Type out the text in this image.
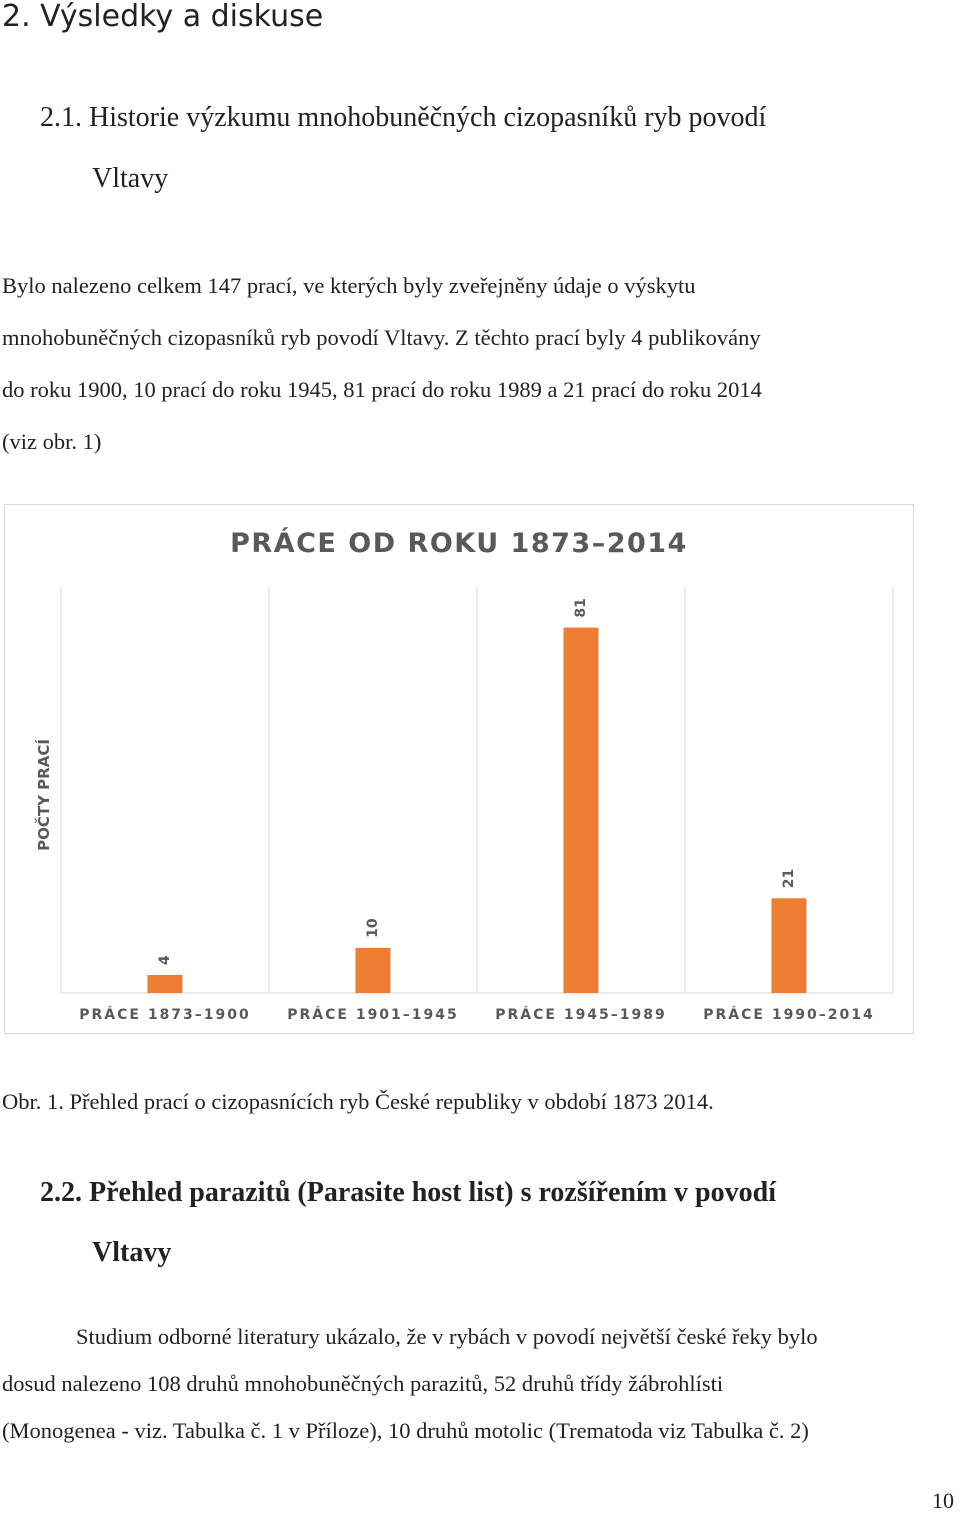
2. Výsledky a diskuse
2.1. Historie výzkumu mnohobuněčných cizopasníků ryb povodí
Vltavy
Bylo nalezeno celkem 147 prací, ve kterých byly zveřejněny údaje o výskytu
mnohobuněčných cizopasníků ryb povodí Vltavy. Z těchto prací byly 4 publikovány
do roku 1900, 10 prací do roku 1945, 81 prací do roku 1989 a 21 prací do roku 2014
(viz obr. 1)
PRÁCE OD ROKU 1873–2014
POČTY PRACÍ
4
10
81
21
PRÁCE 1873–1900	PRÁCE 1901–1945	PRÁCE 1945–1989	PRÁCE 1990–2014
Obr. 1. Přehled prací o cizopasnících ryb České republiky v období 1873 2014.
2.2. Přehled parazitů (Parasite host list) s rozšířením v povodí
Vltavy
Studium odborné literatury ukázalo, že v rybách v povodí největší české řeky bylo
dosud nalezeno 108 druhů mnohobuněčných parazitů, 52 druhů třídy žábrohlísti
(Monogenea - viz. Tabulka č. 1 v Příloze), 10 druhů motolic (Trematoda viz Tabulka č. 2)
10
